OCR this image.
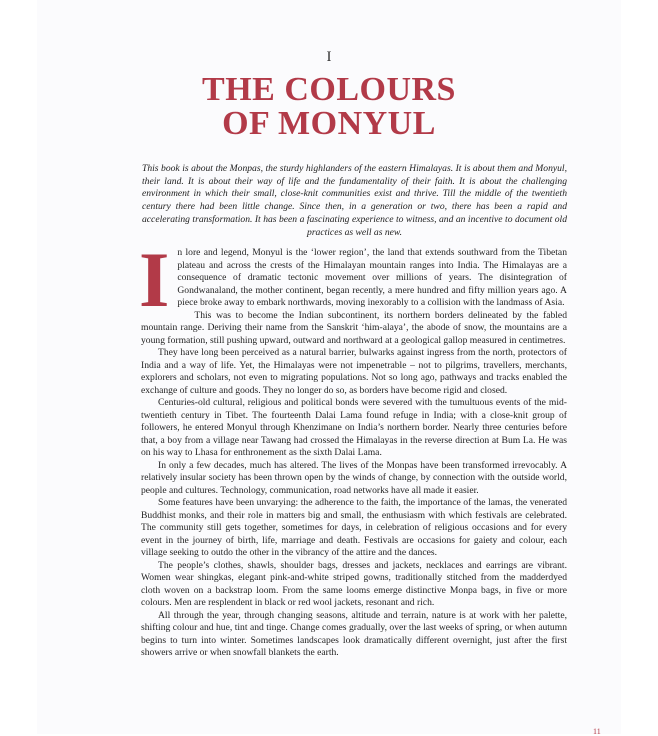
I
THE COLOURS
OF MONYUL
This book is about the Monpas, the sturdy highlanders of the eastern Himalayas. It is about them and Monyul, their land. It is about their way of life and the fundamentality of their faith. It is about the challenging environment in which their small, close-knit communities exist and thrive. Till the middle of the twentieth century there had been little change. Since then, in a generation or two, there has been a rapid and accelerating transformation. It has been a fascinating experience to witness, and an incentive to document old practices as well as new.

In lore and legend, Monyul is the ‘lower region’, the land that extends southward from the Tibetan plateau and across the crests of the Himalayan mountain ranges into India. The Himalayas are a consequence of dramatic tectonic movement over millions of years. The disintegration of Gondwanaland, the mother continent, began recently, a mere hundred and fifty million years ago. A piece broke away to embark northwards, moving inexorably to a collision with the landmass of Asia.

This was to become the Indian subcontinent, its northern borders delineated by the fabled mountain range. Deriving their name from the Sanskrit ‘him-alaya’, the abode of snow, the mountains are a young formation, still pushing upward, outward and northward at a geological gallop measured in centimetres.

They have long been perceived as a natural barrier, bulwarks against ingress from the north, protectors of India and a way of life. Yet, the Himalayas were not impenetrable – not to pilgrims, travellers, merchants, explorers and scholars, not even to migrating populations. Not so long ago, pathways and tracks enabled the exchange of culture and goods. They no longer do so, as borders have become rigid and closed.

Centuries-old cultural, religious and political bonds were severed with the tumultuous events of the mid-twentieth century in Tibet. The fourteenth Dalai Lama found refuge in India; with a close-knit group of followers, he entered Monyul through Khenzimane on India’s northern border. Nearly three centuries before that, a boy from a village near Tawang had crossed the Himalayas in the reverse direction at Bum La. He was on his way to Lhasa for enthronement as the sixth Dalai Lama.

In only a few decades, much has altered. The lives of the Monpas have been transformed irrevocably. A relatively insular society has been thrown open by the winds of change, by connection with the outside world, people and cultures. Technology, communication, road networks have all made it easier.

Some features have been unvarying: the adherence to the faith, the importance of the lamas, the venerated Buddhist monks, and their role in matters big and small, the enthusiasm with which festivals are celebrated. The community still gets together, sometimes for days, in celebration of religious occasions and for every event in the journey of birth, life, marriage and death. Festivals are occasions for gaiety and colour, each village seeking to outdo the other in the vibrancy of the attire and the dances.

The people’s clothes, shawls, shoulder bags, dresses and jackets, necklaces and earrings are vibrant. Women wear shingkas, elegant pink-and-white striped gowns, traditionally stitched from the madderdyed cloth woven on a backstrap loom. From the same looms emerge distinctive Monpa bags, in five or more colours. Men are resplendent in black or red wool jackets, resonant and rich.

All through the year, through changing seasons, altitude and terrain, nature is at work with her palette, shifting colour and hue, tint and tinge. Change comes gradually, over the last weeks of spring, or when autumn begins to turn into winter. Sometimes landscapes look dramatically different overnight, just after the first showers arrive or when snowfall blankets the earth.

11
